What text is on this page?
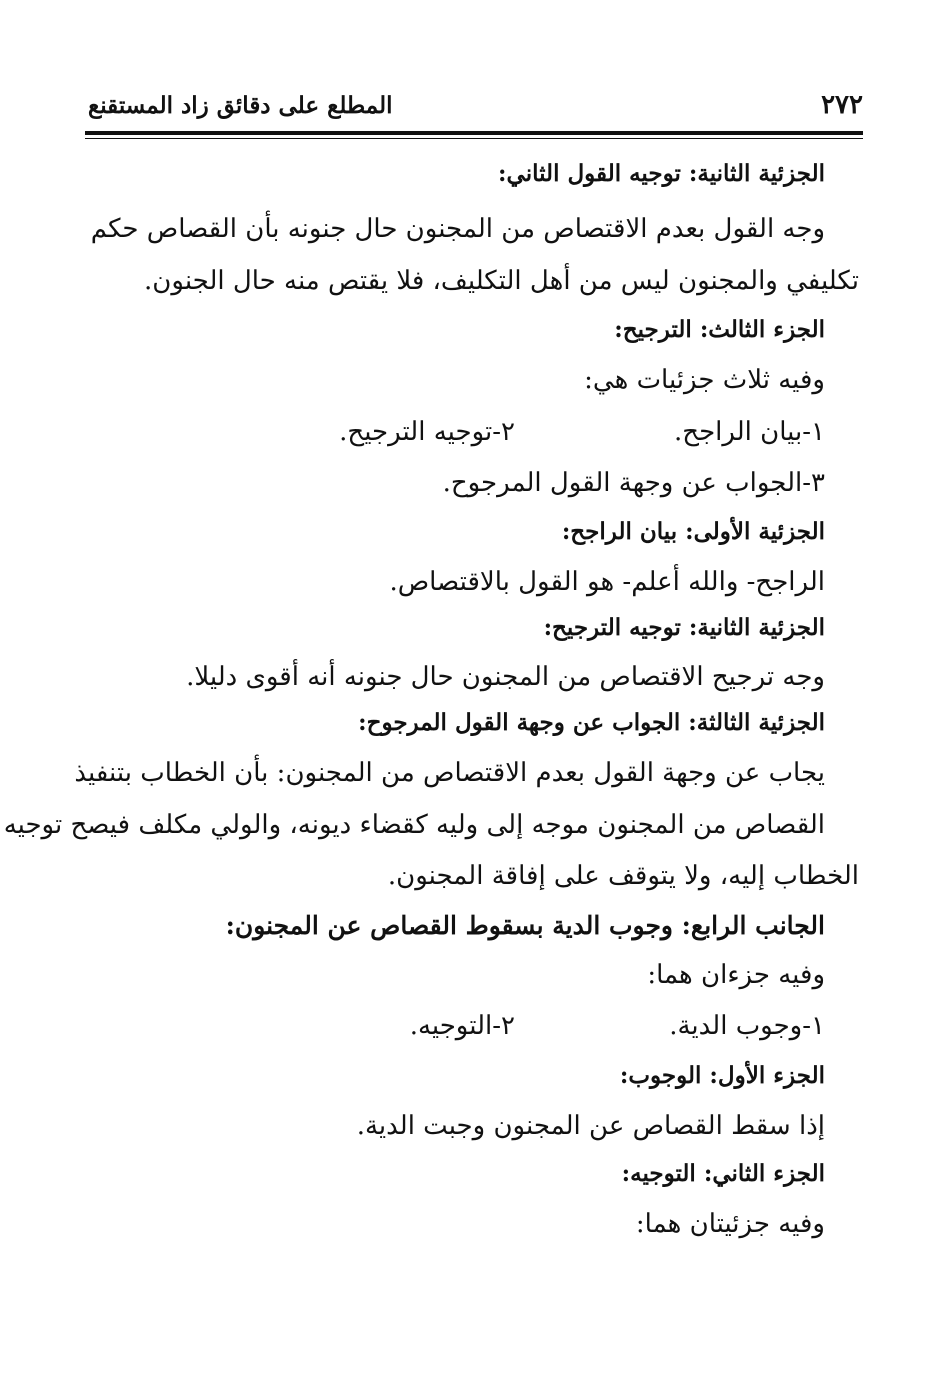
٢٧٢
المطلع على دقائق زاد المستقنع
الجزئية الثانية: توجيه القول الثاني:
وجه القول بعدم الاقتصاص من المجنون حال جنونه بأن القصاص حكم
تكليفي والمجنون ليس من أهل التكليف، فلا يقتص منه حال الجنون.
الجزء الثالث: الترجيح:
وفيه ثلاث جزئيات هي:
١-بيان الراجح.
٢-توجيه الترجيح.
٣-الجواب عن وجهة القول المرجوح.
الجزئية الأولى: بيان الراجح:
الراجح- والله أعلم- هو القول بالاقتصاص.
الجزئية الثانية: توجيه الترجيح:
وجه ترجيح الاقتصاص من المجنون حال جنونه أنه أقوى دليلا.
الجزئية الثالثة: الجواب عن وجهة القول المرجوح:
يجاب عن وجهة القول بعدم الاقتصاص من المجنون: بأن الخطاب بتنفيذ
القصاص من المجنون موجه إلى وليه كقضاء ديونه، والولي مكلف فيصح توجيه
الخطاب إليه، ولا يتوقف على إفاقة المجنون.
الجانب الرابع: وجوب الدية بسقوط القصاص عن المجنون:
وفيه جزءان هما:
١-وجوب الدية.
٢-التوجيه.
الجزء الأول: الوجوب:
إذا سقط القصاص عن المجنون وجبت الدية.
الجزء الثاني: التوجيه:
وفيه جزئيتان هما:
